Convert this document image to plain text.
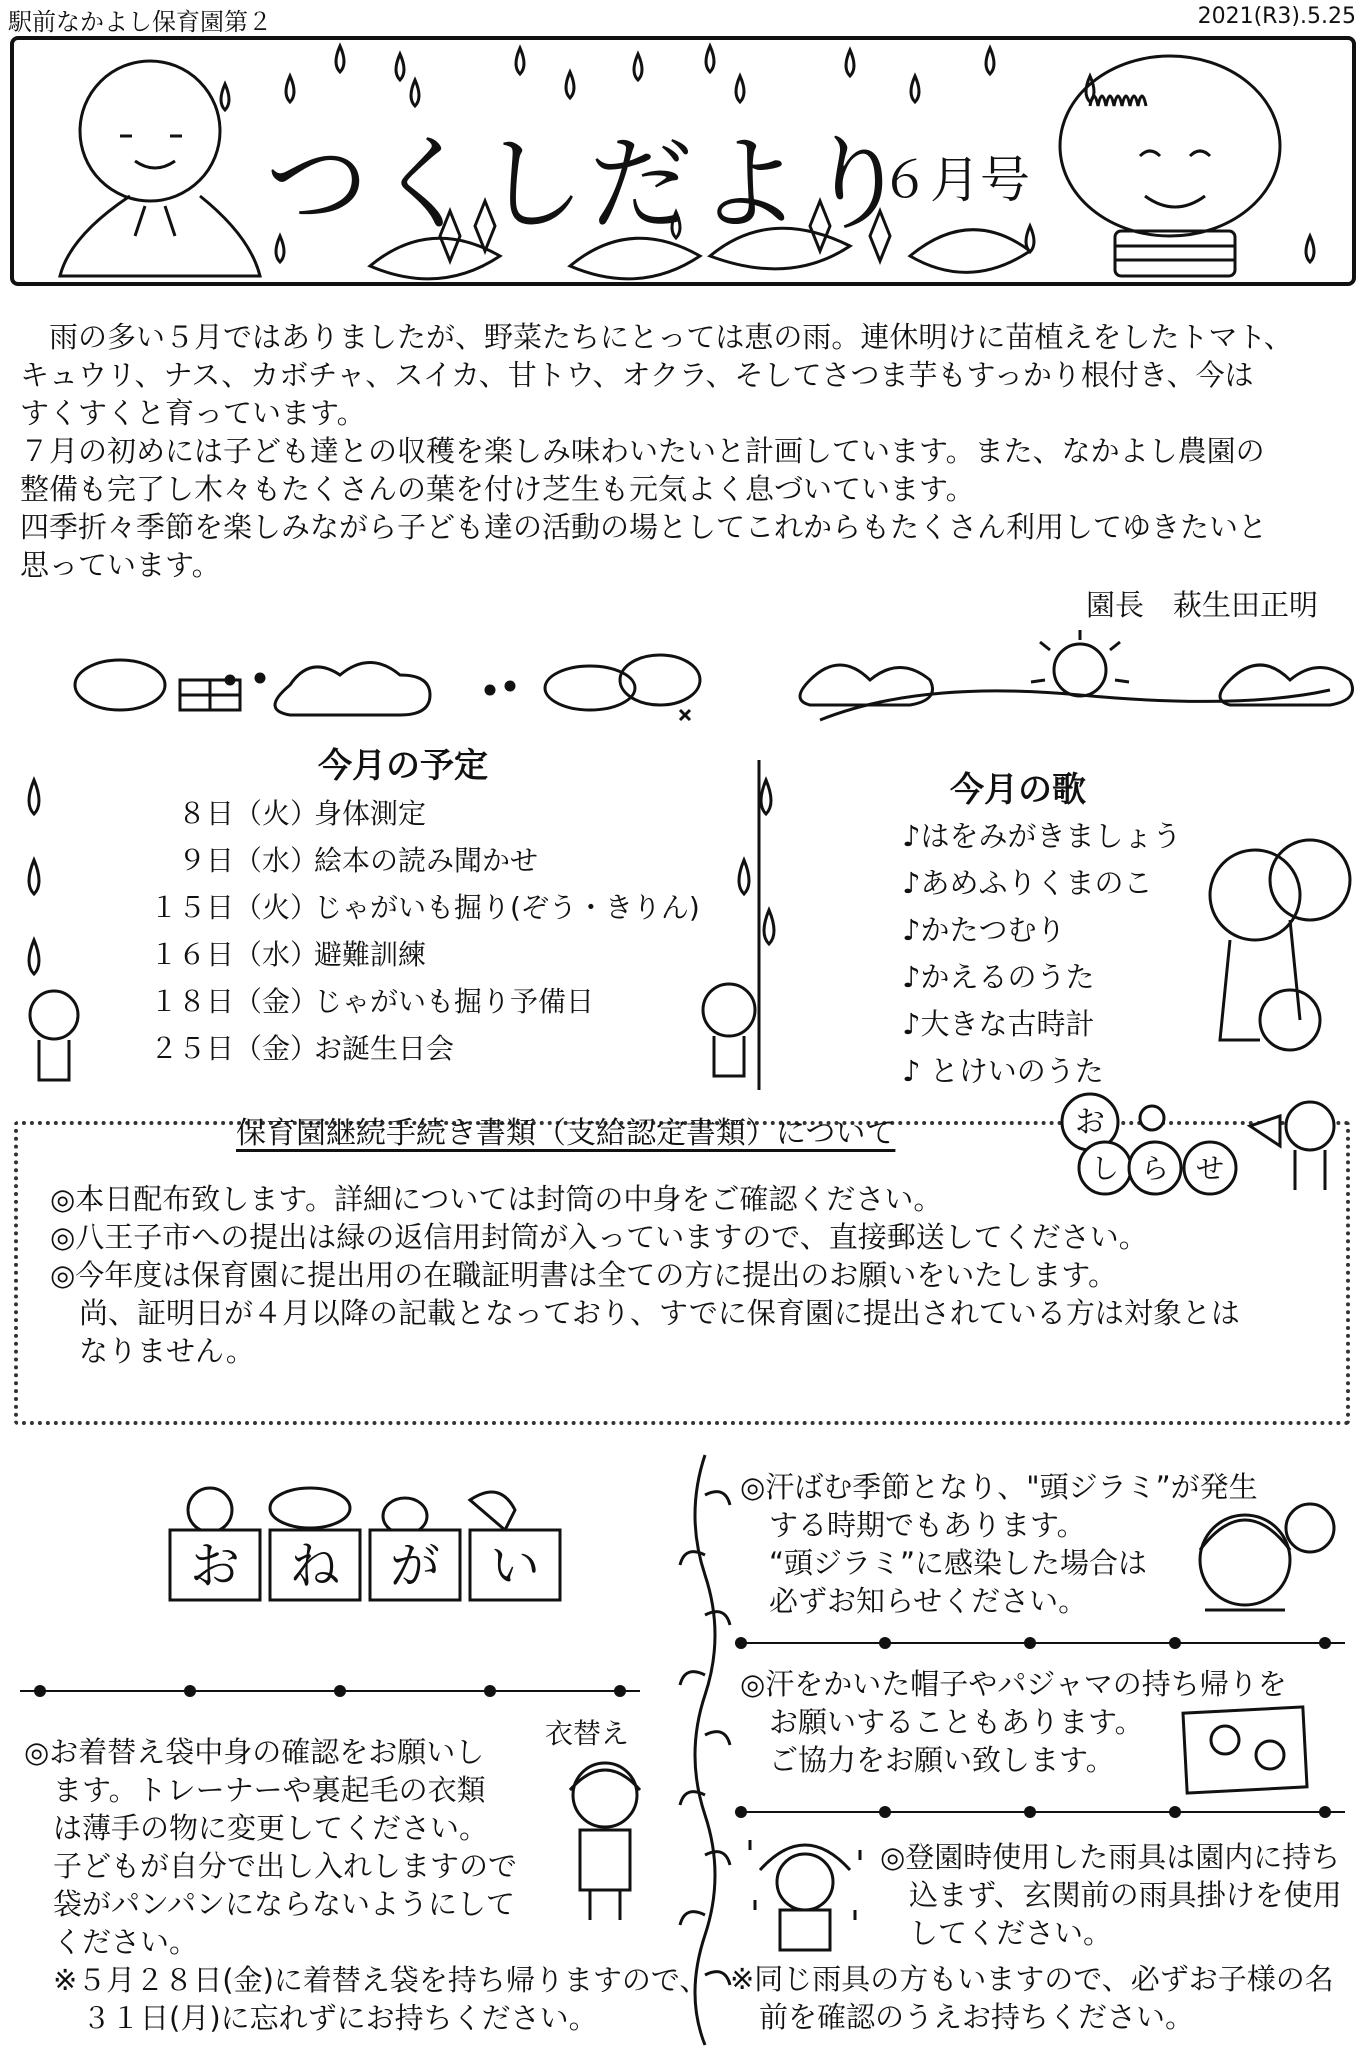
駅前なかよし保育園第２	2021(R3).5.25
つくしだより
６月号

　雨の多い５月ではありましたが、野菜たちにとっては恵の雨。連休明けに苗植えをしたトマト、

キュウリ、ナス、カボチャ、スイカ、甘トウ、オクラ、そしてさつま芋もすっかり根付き、今は

すくすくと育っています。

７月の初めには子ども達との収穫を楽しみ味わいたいと計画しています。また、なかよし農園の

整備も完了し木々もたくさんの葉を付け芝生も元気よく息づいています。

四季折々季節を楽しみながら子ども達の活動の場としてこれからもたくさん利用してゆきたいと

思っています。

園長　萩生田正明
今月の予定
８日（火）身体測定
９日（水）絵本の読み聞かせ
１５日（火）じゃがいも掘り(ぞう・きりん)
１６日（水）避難訓練
１８日（金）じゃがいも掘り予備日
２５日（金）お誕生日会
今月の歌
♪はをみがきましょう
♪あめふりくまのこ
♪かたつむり
♪かえるのうた
♪大きな古時計
♪ とけいのうた
保育園継続手続き書類（支給認定書類）について	お
し ら せ
◎本日配布致します。詳細については封筒の中身をご確認ください。
◎八王子市への提出は緑の返信用封筒が入っていますので、直接郵送してください。
◎今年度は保育園に提出用の在職証明書は全ての方に提出のお願いをいたします。
　尚、証明日が４月以降の記載となっており、すでに保育園に提出されている方は対象とは
　なりません。
お ね が い
衣替え
◎お着替え袋中身の確認をお願いし
　ます。トレーナーや裏起毛の衣類
　は薄手の物に変更してください。
　子どもが自分で出し入れしますので
　袋がパンパンにならないようにして
　ください。
　※５月２８日(金)に着替え袋を持ち帰りますので、
　　３１日(月)に忘れずにお持ちください。
◎汗ばむ季節となり、"頭ジラミ”が発生
　する時期でもあります。
　“頭ジラミ”に感染した場合は
　必ずお知らせください。
◎汗をかいた帽子やパジャマの持ち帰りを
　お願いすることもあります。
　ご協力をお願い致します。
◎登園時使用した雨具は園内に持ち
　込まず、玄関前の雨具掛けを使用
　してください。
※同じ雨具の方もいますので、必ずお子様の名
　前を確認のうえお持ちください。
